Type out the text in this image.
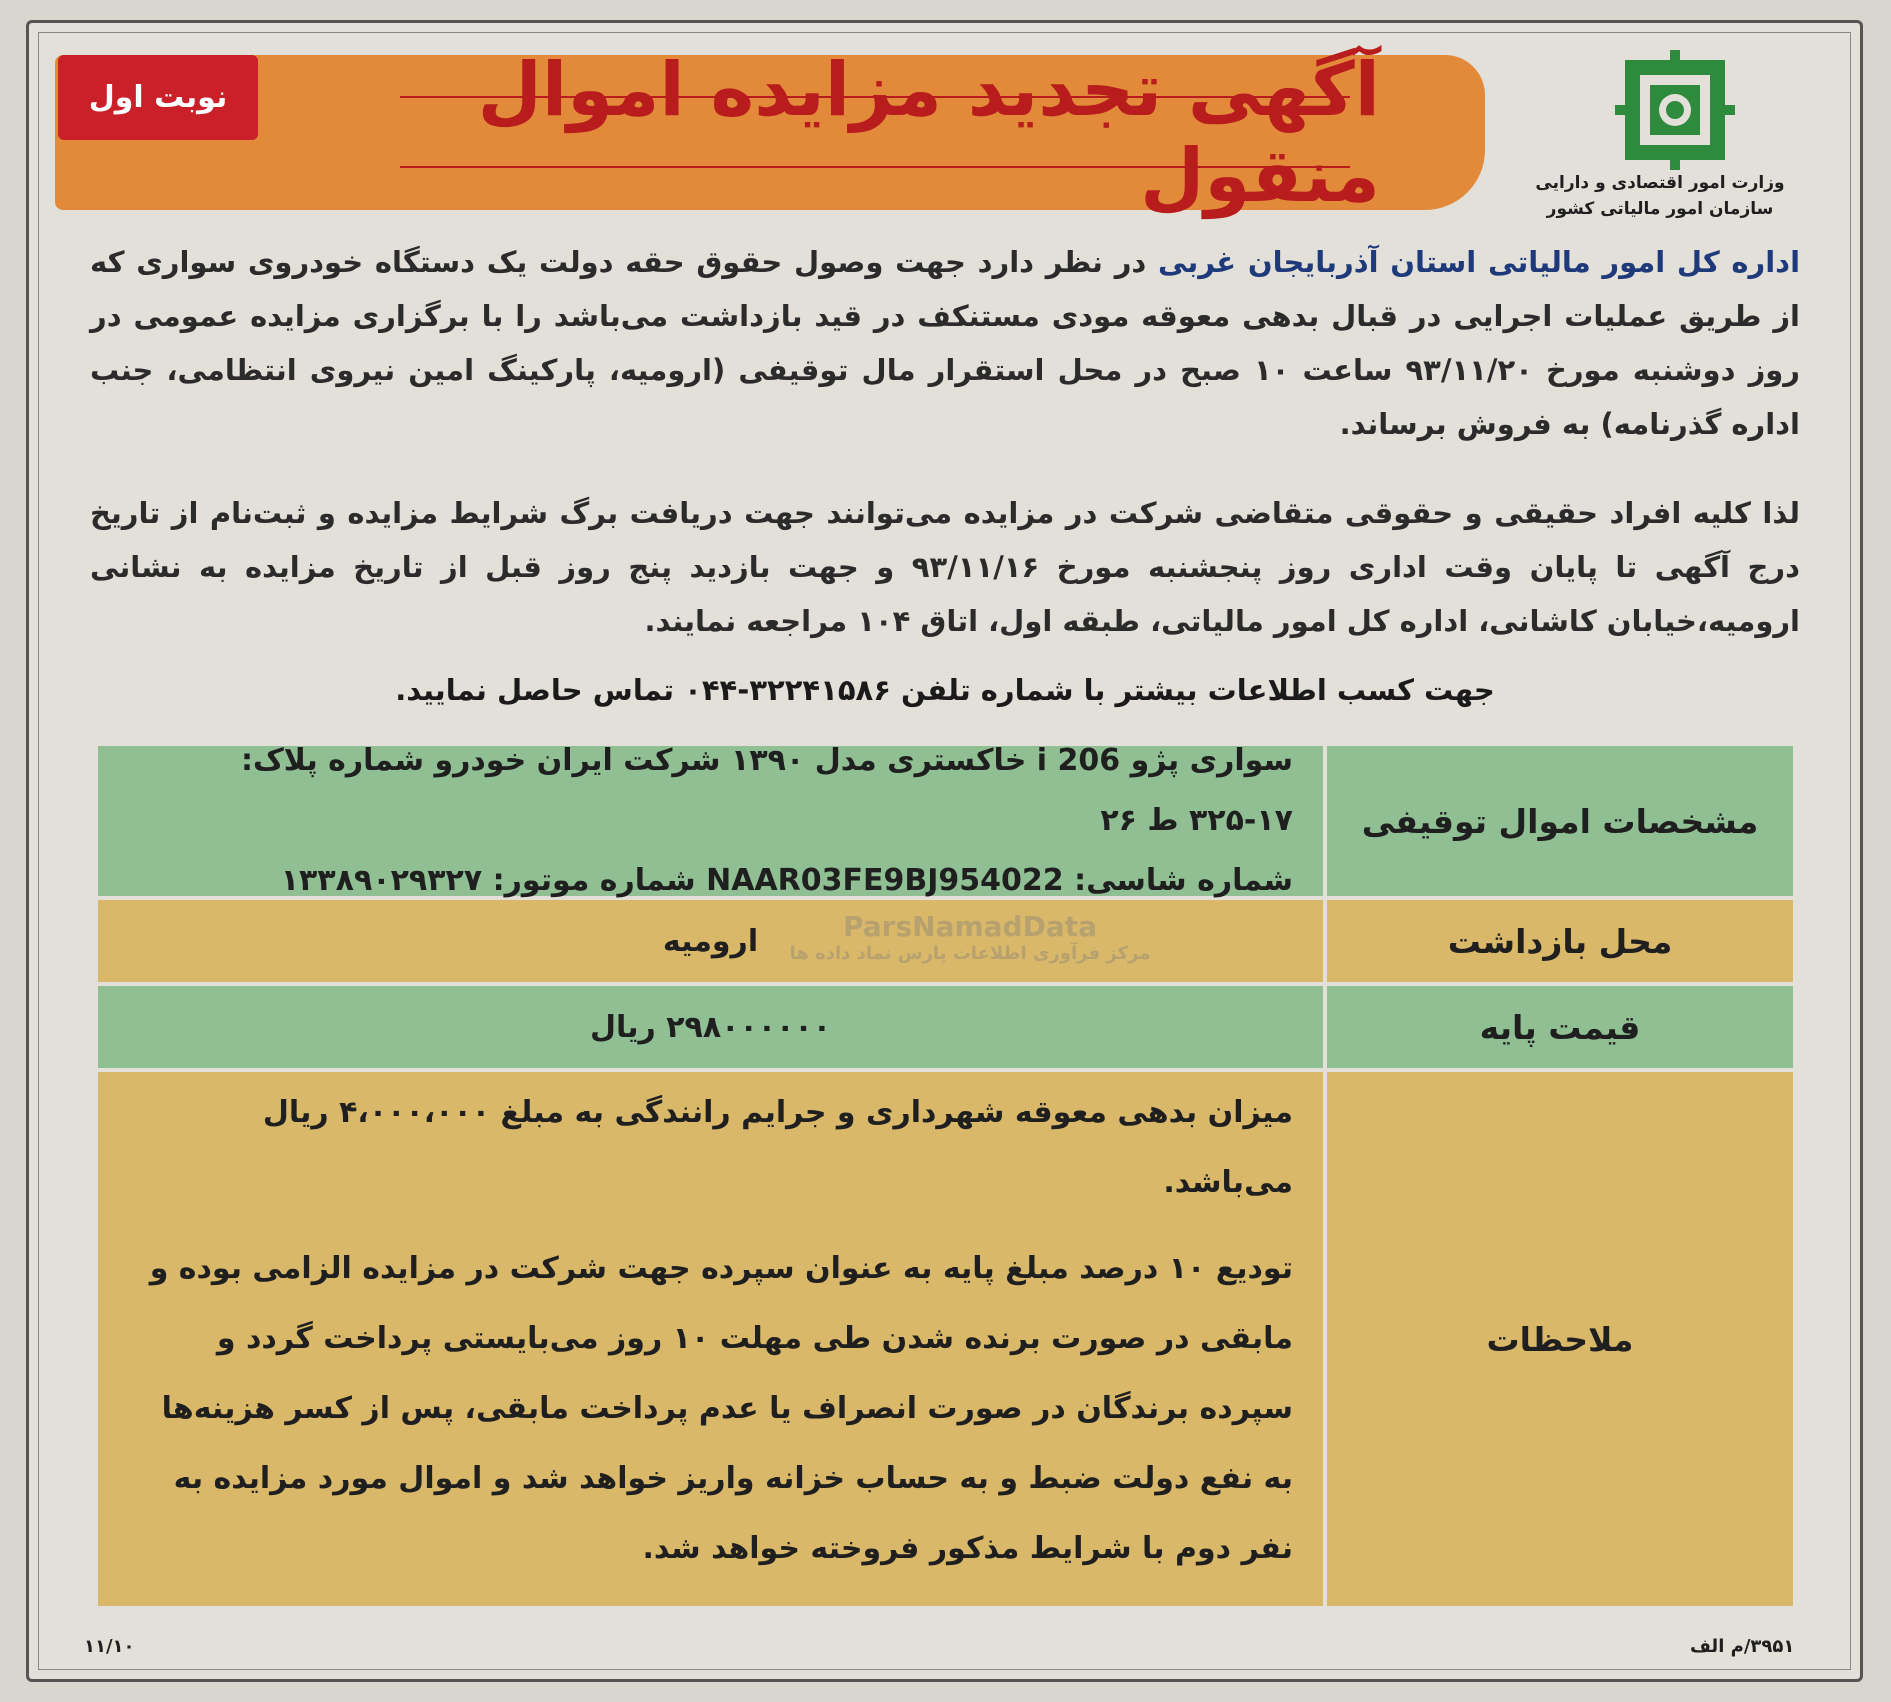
آگهی تجدید مزایده اموال منقول
نوبت اول
وزارت امور اقتصادی و دارایی
سازمان امور مالیاتی کشور
اداره کل امور مالیاتی استان آذربایجان غربی در نظر دارد جهت وصول حقوق حقه دولت یک دستگاه خودروی سواری که از طریق عملیات اجرایی در قبال بدهی معوقه مودی مستنکف در قید بازداشت می‌باشد را با برگزاری مزایده عمومی در روز دوشنبه مورخ ۹۳/۱۱/۲۰ ساعت ۱۰ صبح در محل استقرار مال توقیفی (ارومیه، پارکینگ امین نیروی انتظامی، جنب اداره گذرنامه) به فروش برساند.
لذا کلیه افراد حقیقی و حقوقی متقاضی شرکت در مزایده می‌توانند جهت دریافت برگ شرایط مزایده و ثبت‌نام از تاریخ درج آگهی تا پایان وقت اداری روز پنجشنبه مورخ ۹۳/۱۱/۱۶ و جهت بازدید پنج روز قبل از تاریخ مزایده به نشانی ارومیه،خیابان کاشانی، اداره کل امور مالیاتی، طبقه اول، اتاق ۱۰۴ مراجعه نمایند.
جهت کسب اطلاعات بیشتر با شماره تلفن ۳۲۲۴۱۵۸۶-۰۴۴ تماس حاصل نمایید.
مشخصات اموال توقیفی
سواری پژو 206 i خاکستری مدل ۱۳۹۰ شرکت ایران خودرو شماره پلاک: ۱۷-۳۲۵ ط ۲۶
شماره شاسی: NAAR03FE9BJ954022 شماره موتور: ۱۳۳۸۹۰۲۹۳۲۷
محل بازداشت
ارومیه
قیمت پایه
۲۹۸۰۰۰۰۰۰ ریال
ملاحظات

میزان بدهی معوقه شهرداری و جرایم رانندگی به مبلغ ۴،۰۰۰،۰۰۰ ریال می‌باشد.

تودیع ۱۰ درصد مبلغ پایه به عنوان سپرده جهت شرکت در مزایده الزامی بوده و مابقی در صورت برنده شدن طی مهلت ۱۰ روز می‌بایستی پرداخت گردد و سپرده برندگان در صورت انصراف یا عدم پرداخت مابقی، پس از کسر هزینه‌ها به نفع دولت ضبط و به حساب خزانه واریز خواهد شد و اموال مورد مزایده به نفر دوم با شرایط مذکور فروخته خواهد شد.

ParsNamadData
مرکز فرآوری اطلاعات پارس نماد داده ها
۱۱/۱۰	۳۹۵۱/م الف
